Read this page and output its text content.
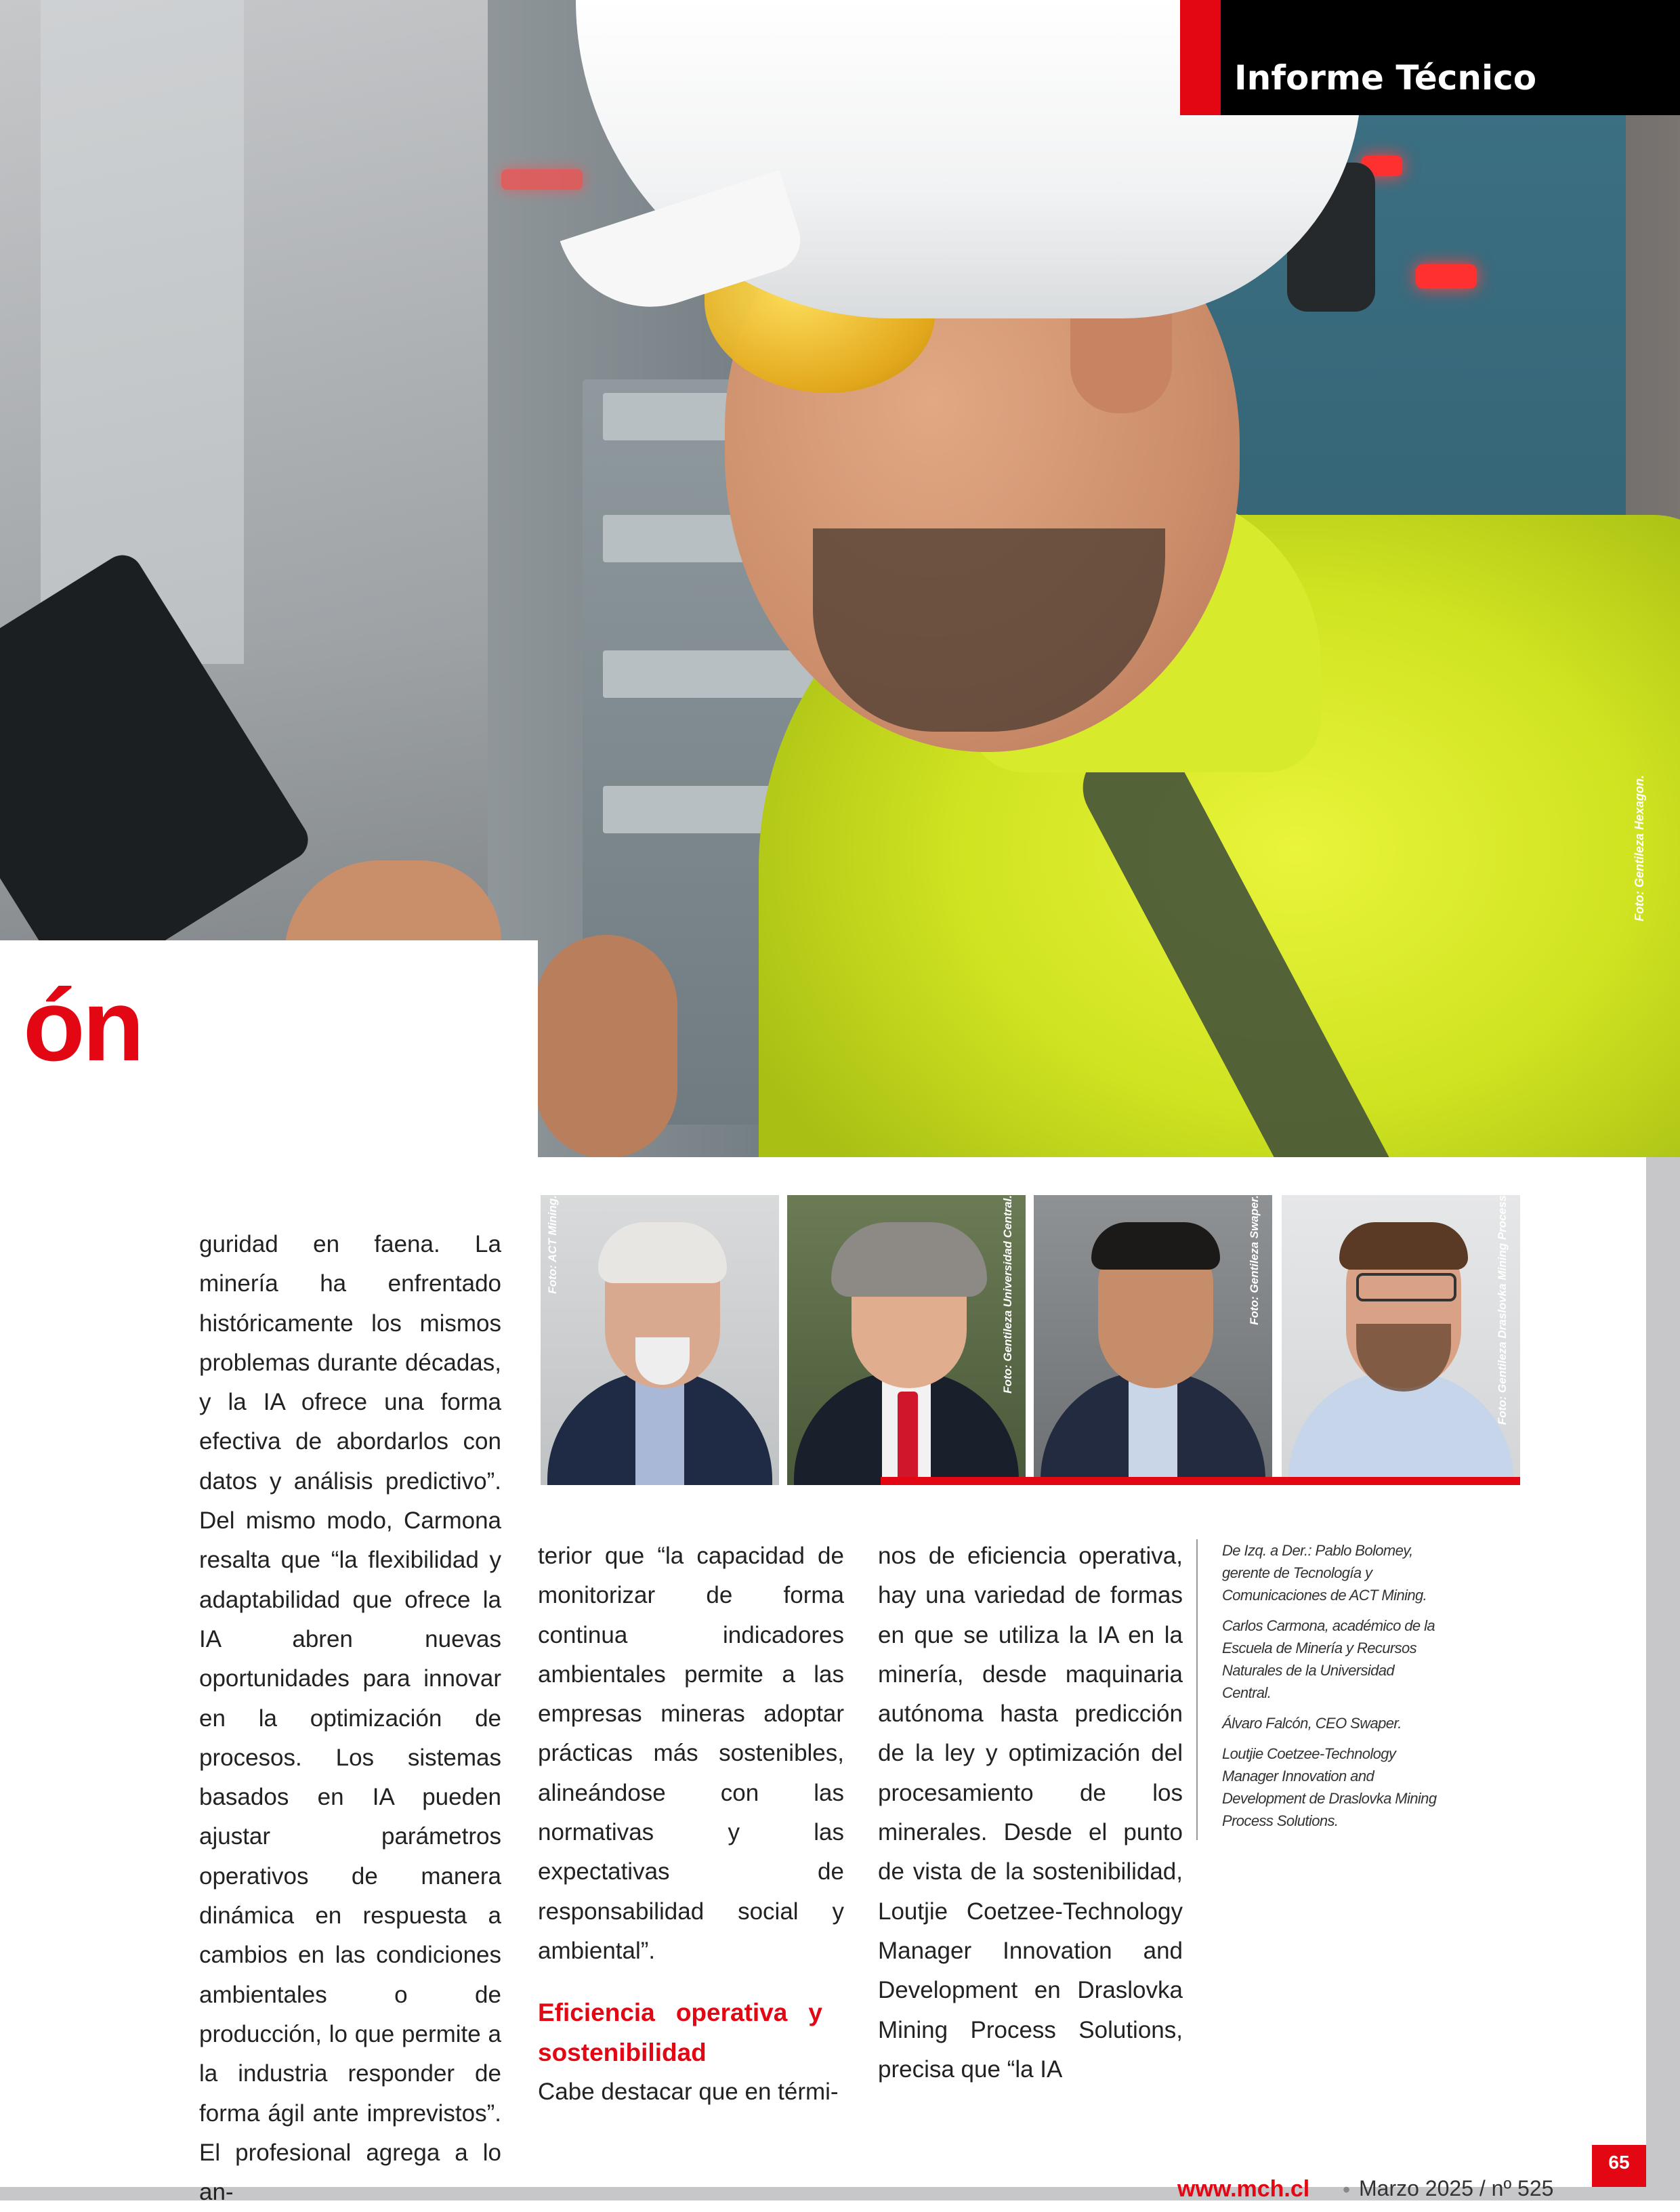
Foto: Gentileza Hexagon.
Informe Técnico
ón
Foto: ACT Mining.	Foto: Gentileza Universidad Central.	Foto: Gentileza Swaper.	Foto: Gentileza Draslovka Mining Process

guridad en faena. La minería ha enfrentado históricamente los mismos problemas durante décadas, y la IA ofrece una forma efectiva de abordarlos con datos y análisis predictivo”. Del mismo modo, Carmona resalta que “la flexibilidad y adaptabilidad que ofrece la IA abren nuevas oportunidades para innovar en la optimización de procesos. Los sistemas basados en IA pueden ajustar parámetros operativos de manera dinámica en respuesta a cambios en las condiciones ambientales o de producción, lo que permite a la industria responder de forma ágil ante imprevistos”. El profesional agrega a lo an-

terior que “la capacidad de monitorizar de forma continua indicadores ambientales permite a las empresas mineras adoptar prácticas más sostenibles, alineándose con las normativas y las expectativas de responsabilidad social y ambiental”.

Eficiencia operativa y sostenibilidad

Cabe destacar que en térmi-

nos de eficiencia operativa, hay una variedad de formas en que se utiliza la IA en la minería, desde maquinaria autónoma hasta predicción de la ley y optimización del procesamiento de los minerales. Desde el punto de vista de la sostenibilidad, Loutjie Coetzee-Technology Manager Innovation and Development en Draslovka Mining Process Solutions, precisa que “la IA

De Izq. a Der.: Pablo Bolomey, gerente de Tecnología y Comunicaciones de ACT Mining.

Carlos Carmona, académico de la Escuela de Minería y Recursos Naturales de la Universidad Central.

Álvaro Falcón, CEO Swaper.

Loutjie Coetzee-Technology Manager Innovation and Development de Draslovka Mining Process Solutions.

www.mch.cl • Marzo 2025 / nº 525
65
